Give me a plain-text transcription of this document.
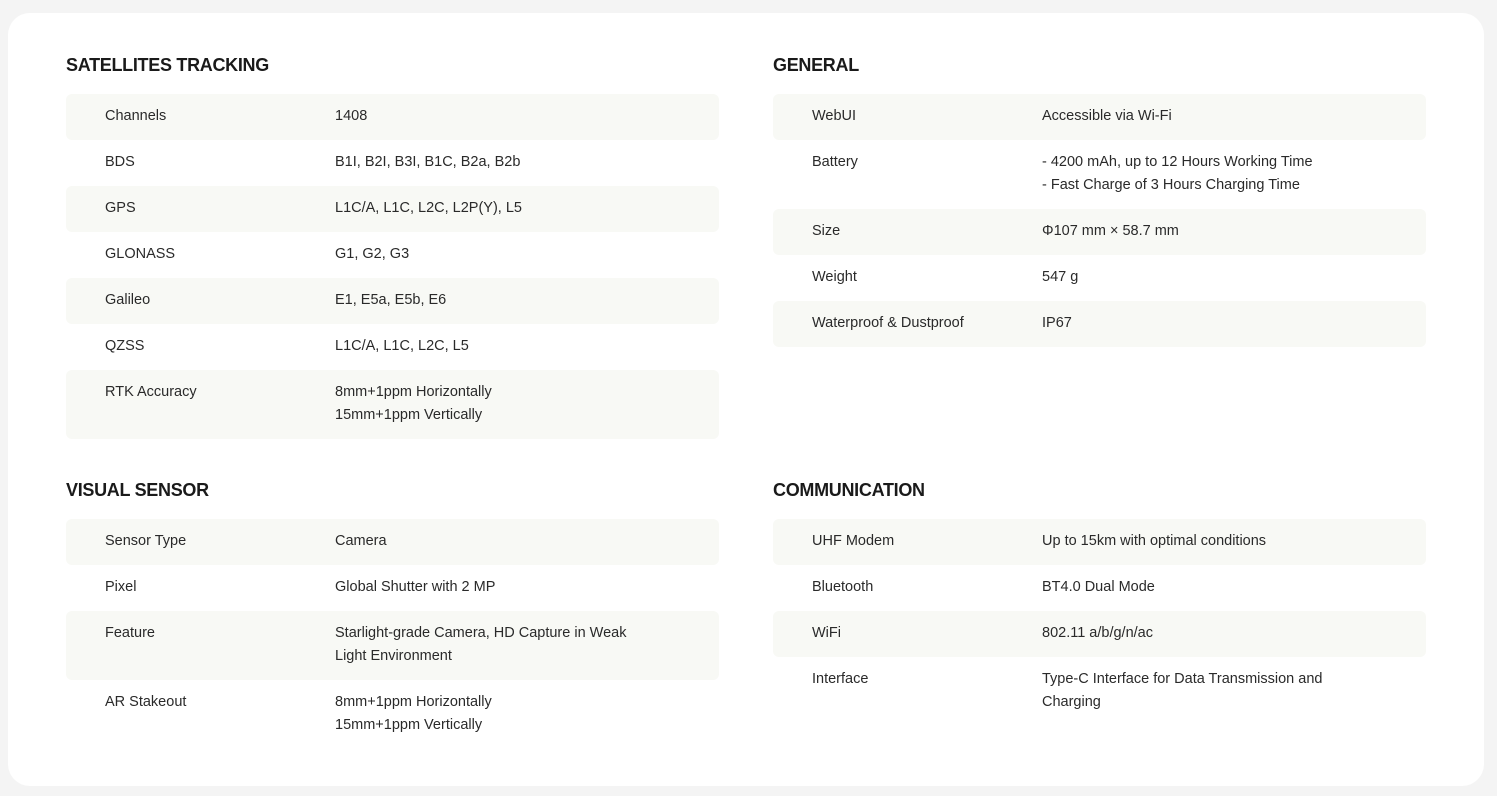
SATELLITES TRACKING
Channels	1408
BDS	B1I, B2I, B3I, B1C, B2a, B2b
GPS	L1C/A, L1C, L2C, L2P(Y), L5
GLONASS	G1, G2, G3
Galileo	E1, E5a, E5b, E6
QZSS	L1C/A, L1C, L2C, L5
RTK Accuracy	8mm+1ppm Horizontally
15mm+1ppm Vertically
GENERAL
WebUI	Accessible via Wi-Fi
Battery	- 4200 mAh, up to 12 Hours Working Time
- Fast Charge of 3 Hours Charging Time
Size	Φ107 mm × 58.7 mm
Weight	547 g
Waterproof & Dustproof	IP67
VISUAL SENSOR
Sensor Type	Camera
Pixel	Global Shutter with 2 MP
Feature	Starlight-grade Camera, HD Capture in Weak
Light Environment
AR Stakeout	8mm+1ppm Horizontally
15mm+1ppm Vertically
COMMUNICATION
UHF Modem	Up to 15km with optimal conditions
Bluetooth	BT4.0 Dual Mode
WiFi	802.11 a/b/g/n/ac
Interface	Type-C Interface for Data Transmission and
Charging
